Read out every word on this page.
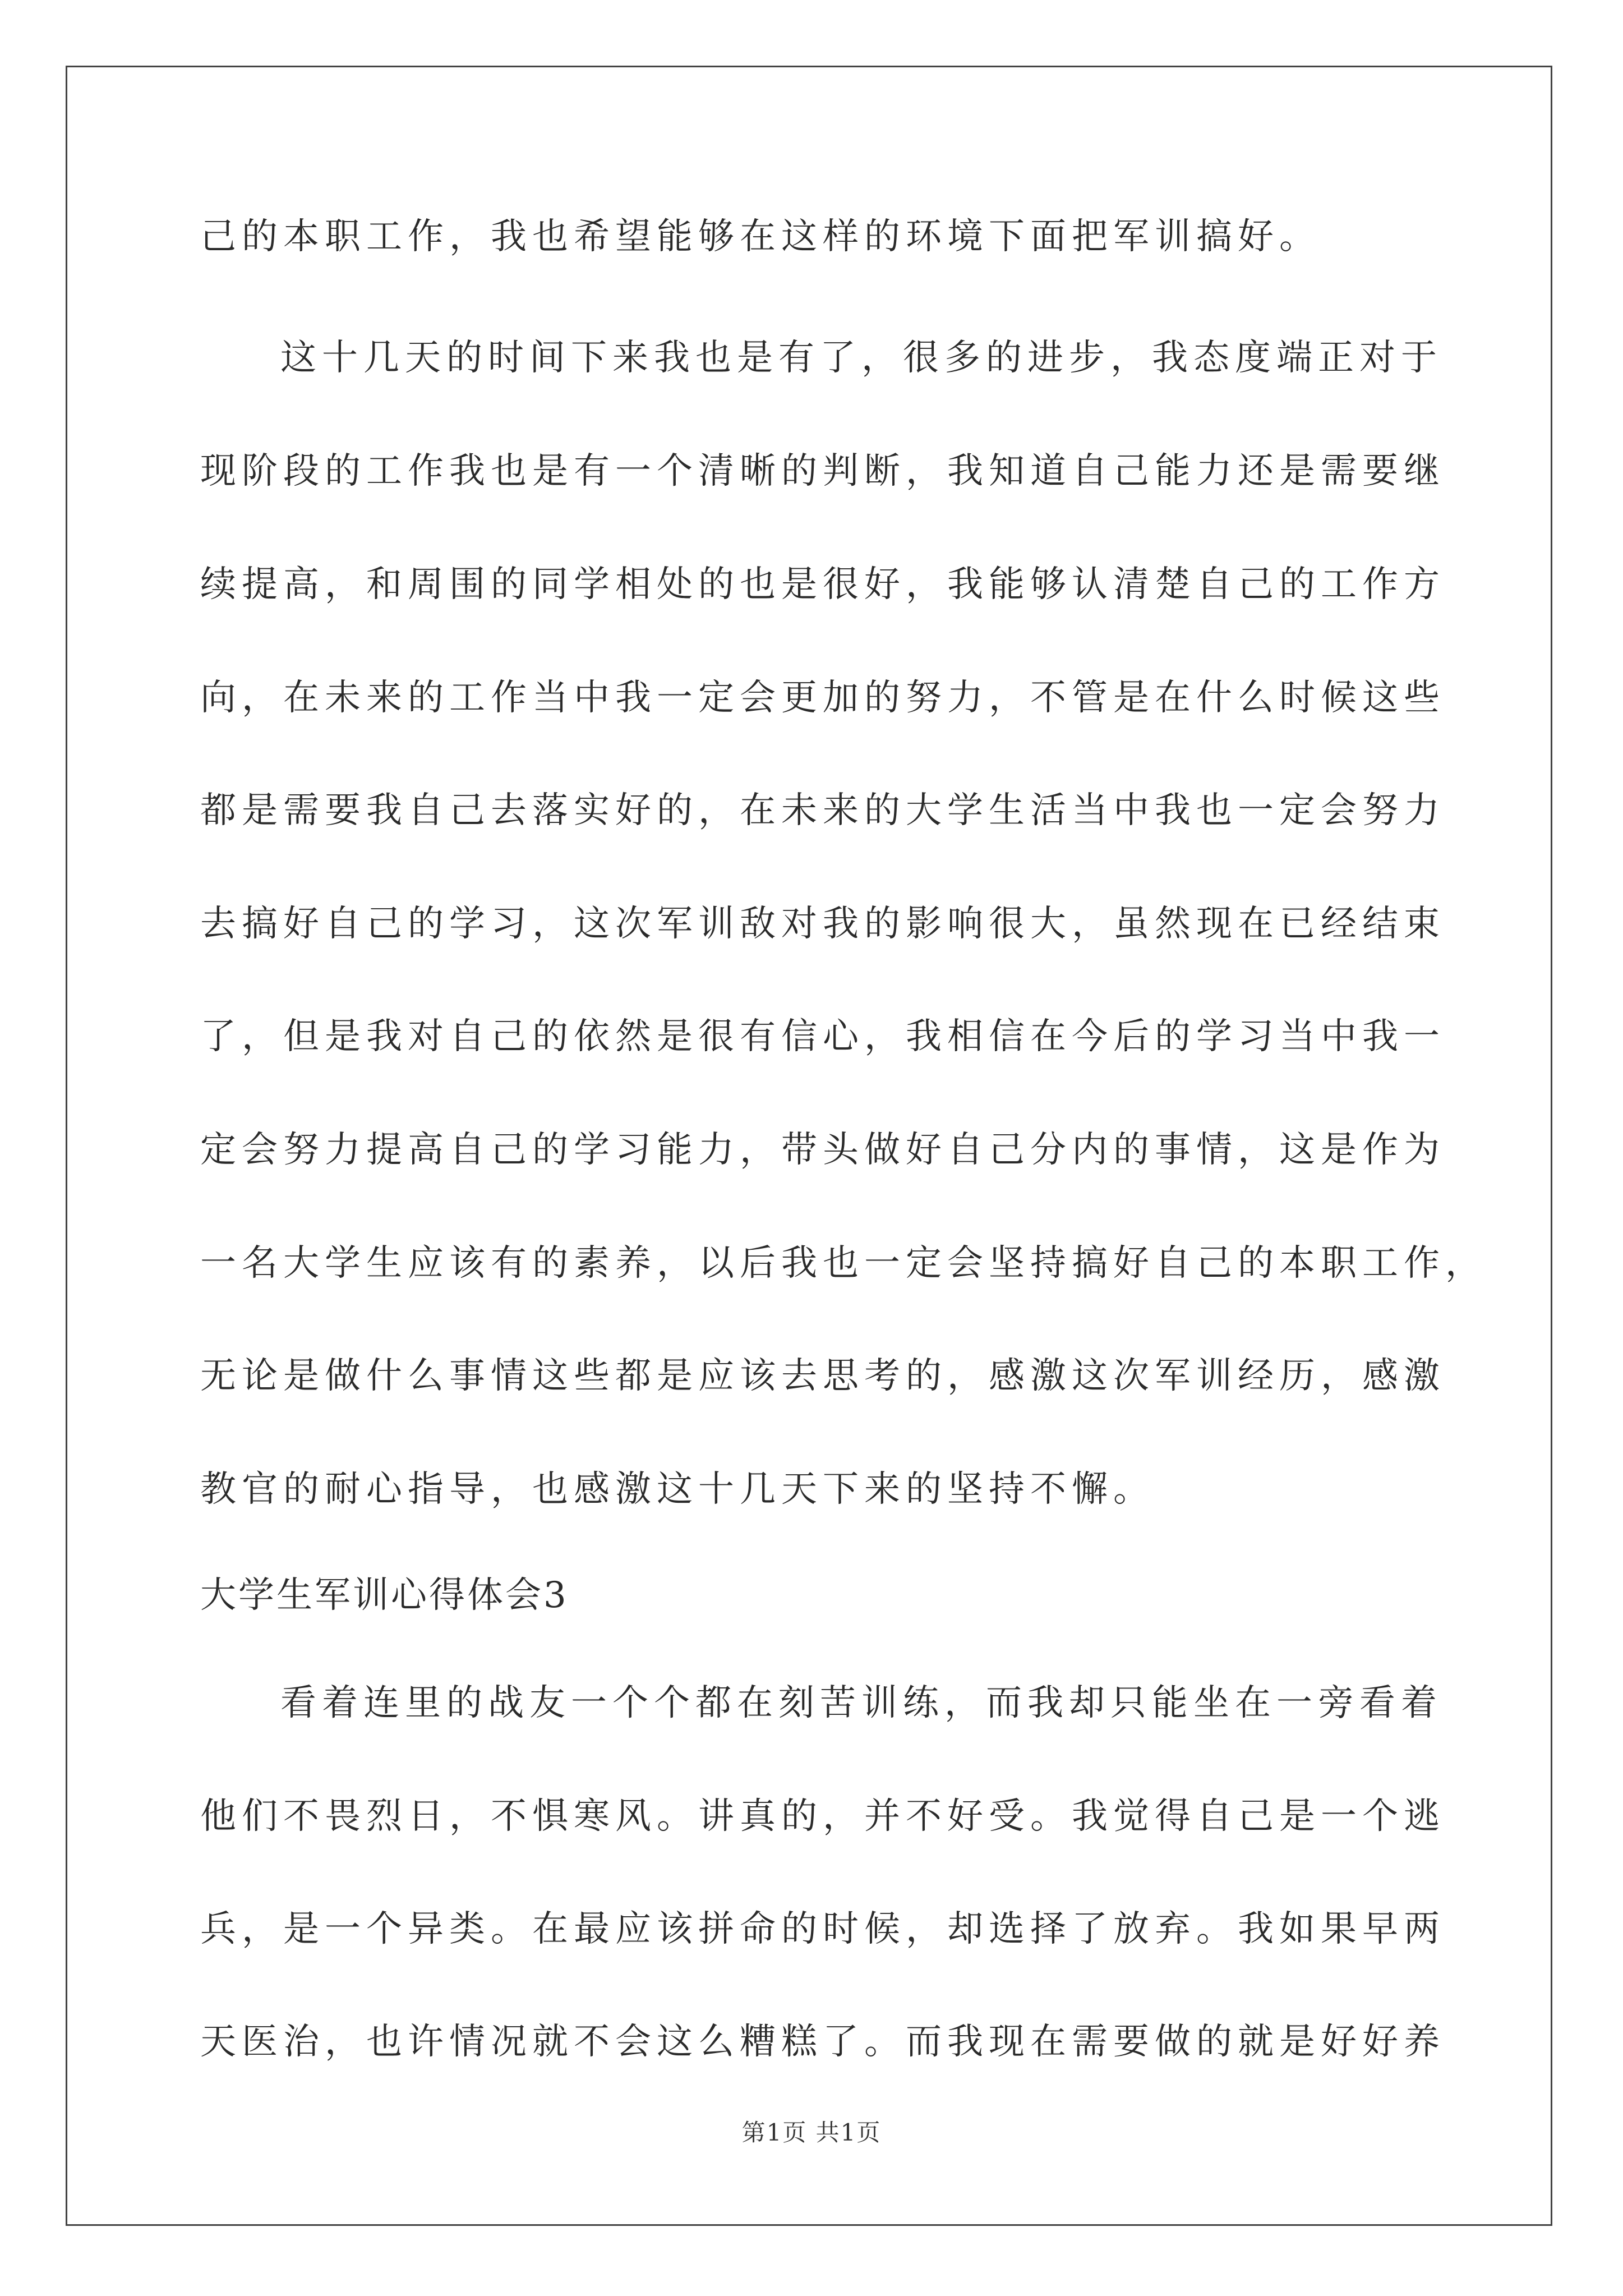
己的本职工作，我也希望能够在这样的环境下面把军训搞好。
这十几天的时间下来我也是有了，很多的进步，我态度端正对于
现阶段的工作我也是有一个清晰的判断，我知道自己能力还是需要继
续提高，和周围的同学相处的也是很好，我能够认清楚自己的工作方
向，在未来的工作当中我一定会更加的努力，不管是在什么时候这些
都是需要我自己去落实好的，在未来的大学生活当中我也一定会努力
去搞好自己的学习，这次军训敌对我的影响很大，虽然现在已经结束
了，但是我对自己的依然是很有信心，我相信在今后的学习当中我一
定会努力提高自己的学习能力，带头做好自己分内的事情，这是作为
一名大学生应该有的素养，以后我也一定会坚持搞好自己的本职工作，
无论是做什么事情这些都是应该去思考的，感激这次军训经历，感激
教官的耐心指导，也感激这十几天下来的坚持不懈。
大学生军训心得体会3
看着连里的战友一个个都在刻苦训练，而我却只能坐在一旁看着
他们不畏烈日，不惧寒风。讲真的，并不好受。我觉得自己是一个逃
兵，是一个异类。在最应该拼命的时候，却选择了放弃。我如果早两
天医治，也许情况就不会这么糟糕了。而我现在需要做的就是好好养
第1页 共1页
